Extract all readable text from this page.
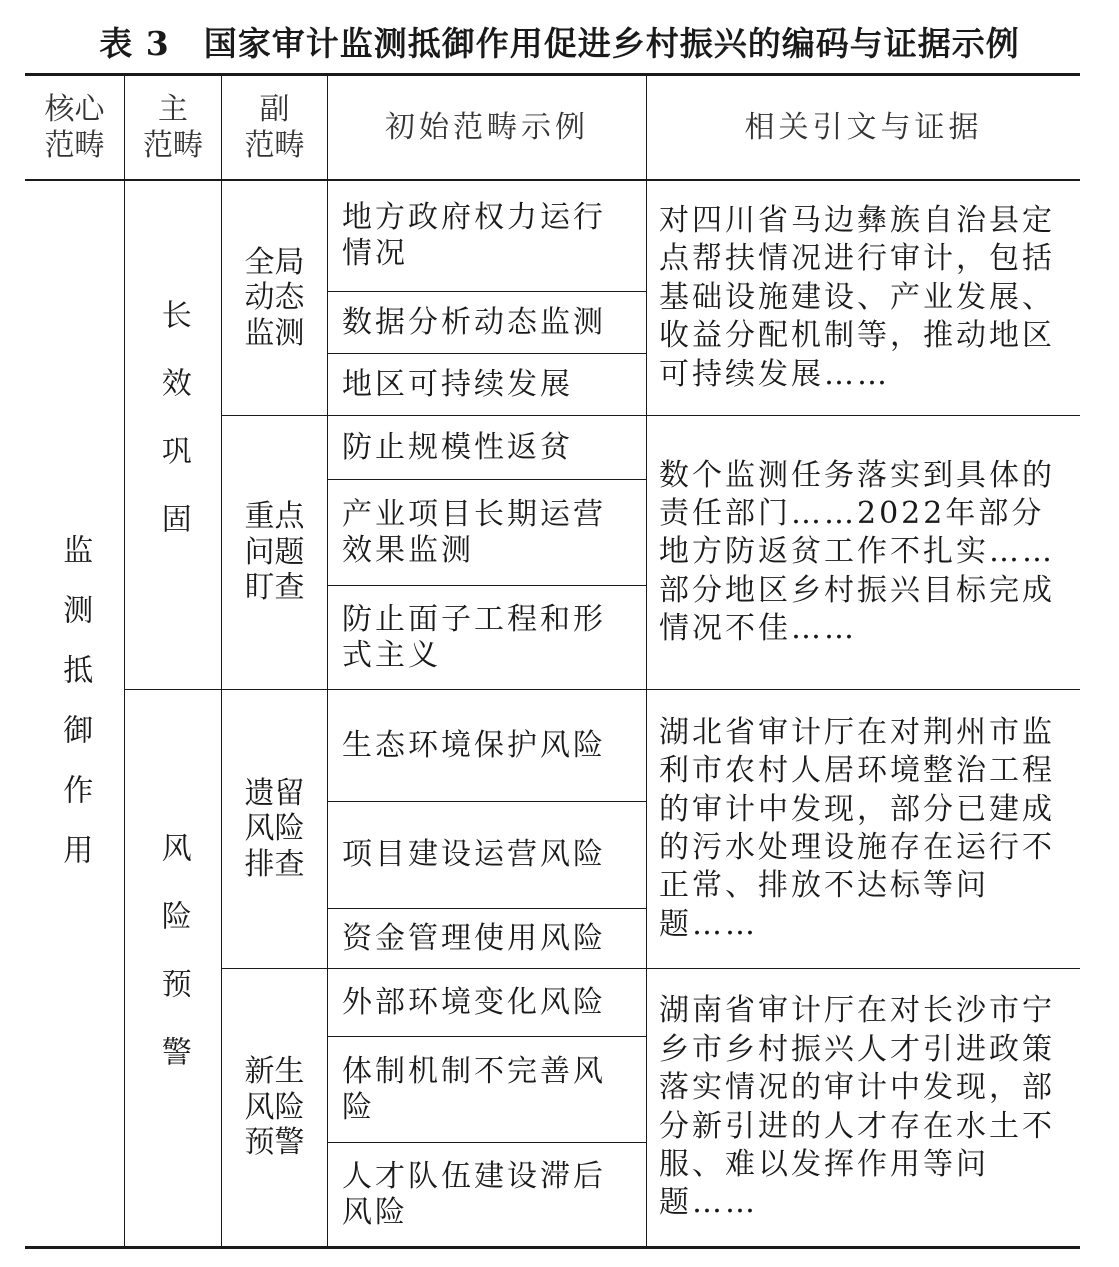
表 3 国家审计监测抵御作用促进乡村振兴的编码与证据示例
核心
范畴
主
范畴
副
范畴
初始范畴示例	相关引文与证据
监测抵御作用
长效巩固
风险预警
全局动态监测
重点问题盯查
遗留风险排查
新生风险预警
地方政府权力运行情况
数据分析动态监测
地区可持续发展
防止规模性返贫
产业项目长期运营效果监测
防止面子工程和形式主义
生态环境保护风险
项目建设运营风险
资金管理使用风险
外部环境变化风险
体制机制不完善风险
人才队伍建设滞后风险
对四川省马边彝族自治县定点帮扶情况进行审计，包括基础设施建设、产业发展、收益分配机制等，推动地区可持续发展……
数个监测任务落实到具体的责任部门……2022年部分地方防返贫工作不扎实……部分地区乡村振兴目标完成情况不佳……
湖北省审计厅在对荆州市监利市农村人居环境整治工程的审计中发现，部分已建成的污水处理设施存在运行不正常、排放不达标等问题……
湖南省审计厅在对长沙市宁乡市乡村振兴人才引进政策落实情况的审计中发现，部分新引进的人才存在水土不服、难以发挥作用等问题……
